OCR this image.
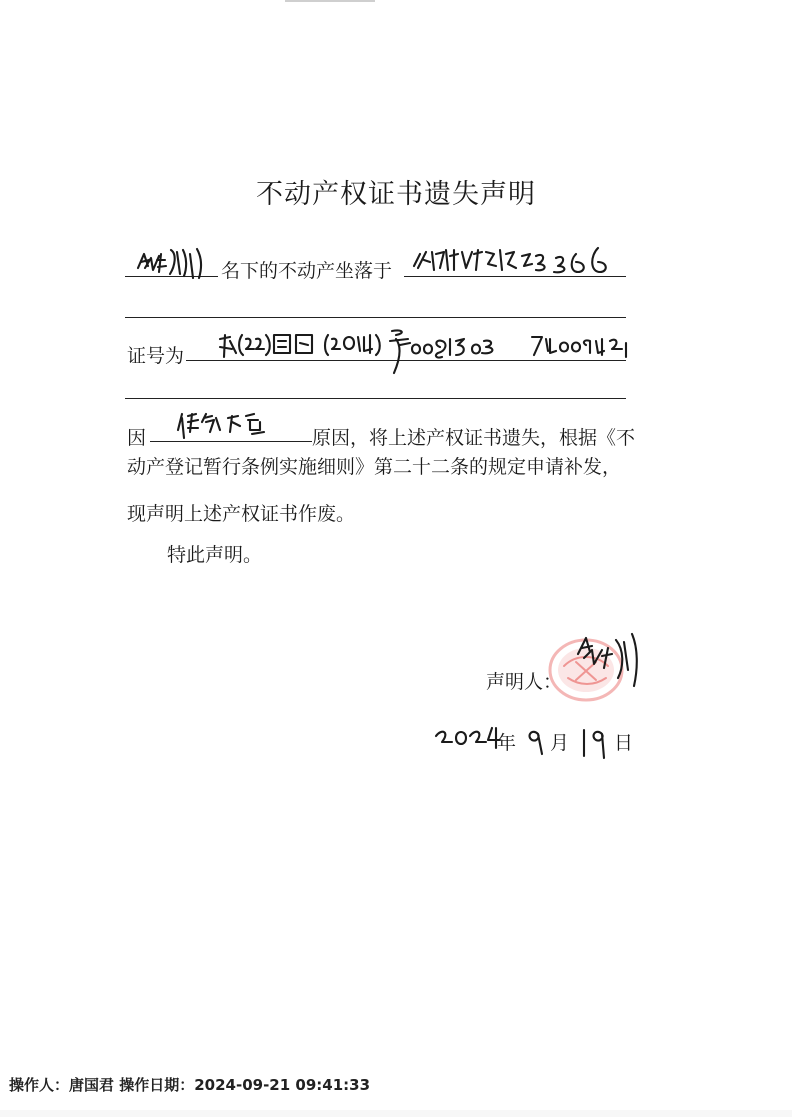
不动产权证书遗失声明
名下的不动产坐落于
证号为
因	原因，将上述产权证书遗失，根据《不
动产登记暂行条例实施细则》第二十二条的规定申请补发，
现声明上述产权证书作废。
特此声明。
声明人：
年 月 日
操作人：唐国君 操作日期：2024-09-21 09:41:33
